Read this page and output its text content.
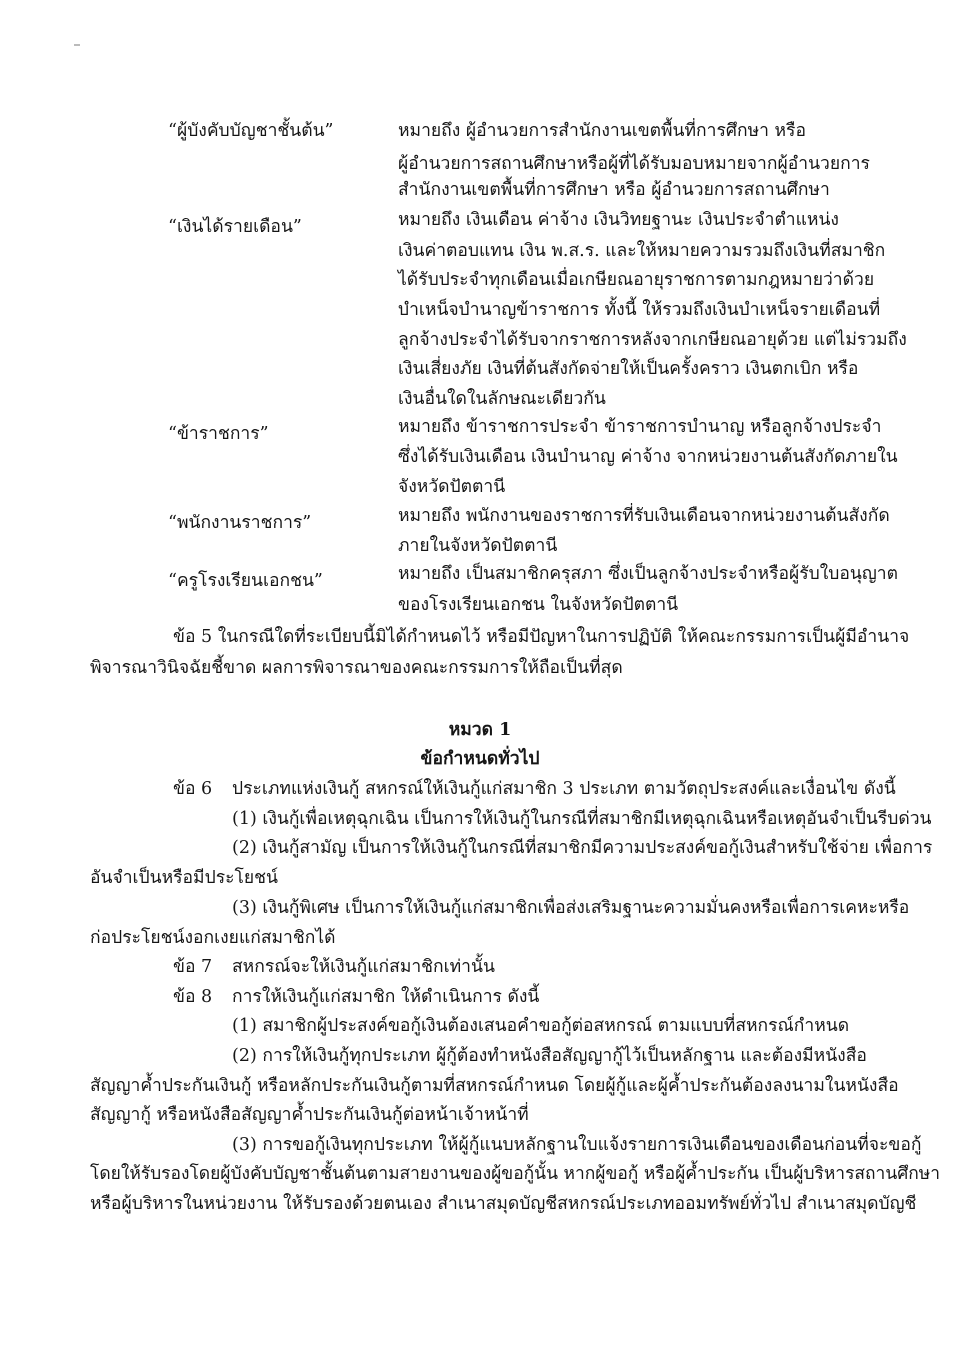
“ผู้บังคับบัญชาชั้นต้น”	หมายถึง ผู้อำนวยการสำนักงานเขตพื้นที่การศึกษา หรือ
ผู้อำนวยการสถานศึกษาหรือผู้ที่ได้รับมอบหมายจากผู้อำนวยการ
สำนักงานเขตพื้นที่การศึกษา หรือ ผู้อำนวยการสถานศึกษา
“เงินได้รายเดือน”	หมายถึง เงินเดือน ค่าจ้าง เงินวิทยฐานะ เงินประจำตำแหน่ง
เงินค่าตอบแทน เงิน พ.ส.ร. และให้หมายความรวมถึงเงินที่สมาชิก
ได้รับประจำทุกเดือนเมื่อเกษียณอายุราชการตามกฎหมายว่าด้วย
บำเหน็จบำนาญข้าราชการ ทั้งนี้ ให้รวมถึงเงินบำเหน็จรายเดือนที่
ลูกจ้างประจำได้รับจากราชการหลังจากเกษียณอายุด้วย แต่ไม่รวมถึง
เงินเสี่ยงภัย เงินที่ต้นสังกัดจ่ายให้เป็นครั้งคราว เงินตกเบิก หรือ
เงินอื่นใดในลักษณะเดียวกัน
“ข้าราชการ”	หมายถึง ข้าราชการประจำ ข้าราชการบำนาญ หรือลูกจ้างประจำ
ซึ่งได้รับเงินเดือน เงินบำนาญ ค่าจ้าง จากหน่วยงานต้นสังกัดภายใน
จังหวัดปัตตานี
“พนักงานราชการ”	หมายถึง พนักงานของราชการที่รับเงินเดือนจากหน่วยงานต้นสังกัด
ภายในจังหวัดปัตตานี
“ครูโรงเรียนเอกชน”	หมายถึง เป็นสมาชิกครุสภา ซึ่งเป็นลูกจ้างประจำหรือผู้รับใบอนุญาต
ของโรงเรียนเอกชน ในจังหวัดปัตตานี
ข้อ 5 ในกรณีใดที่ระเบียบนี้มิได้กำหนดไว้ หรือมีปัญหาในการปฏิบัติ ให้คณะกรรมการเป็นผู้มีอำนาจ
พิจารณาวินิจฉัยชี้ขาด ผลการพิจารณาของคณะกรรมการให้ถือเป็นที่สุด
หมวด 1
ข้อกำหนดทั่วไป
ข้อ 6 ประเภทแห่งเงินกู้ สหกรณ์ให้เงินกู้แก่สมาชิก 3 ประเภท ตามวัตถุประสงค์และเงื่อนไข ดังนี้
(1) เงินกู้เพื่อเหตุฉุกเฉิน เป็นการให้เงินกู้ในกรณีที่สมาชิกมีเหตุฉุกเฉินหรือเหตุอันจำเป็นรีบด่วน
(2) เงินกู้สามัญ เป็นการให้เงินกู้ในกรณีที่สมาชิกมีความประสงค์ขอกู้เงินสำหรับใช้จ่าย เพื่อการ
อันจำเป็นหรือมีประโยชน์
(3) เงินกู้พิเศษ เป็นการให้เงินกู้แก่สมาชิกเพื่อส่งเสริมฐานะความมั่นคงหรือเพื่อการเคหะหรือ
ก่อประโยชน์งอกเงยแก่สมาชิกได้
ข้อ 7 สหกรณ์จะให้เงินกู้แก่สมาชิกเท่านั้น
ข้อ 8 การให้เงินกู้แก่สมาชิก ให้ดำเนินการ ดังนี้
(1) สมาชิกผู้ประสงค์ขอกู้เงินต้องเสนอคำขอกู้ต่อสหกรณ์ ตามแบบที่สหกรณ์กำหนด
(2) การให้เงินกู้ทุกประเภท ผู้กู้ต้องทำหนังสือสัญญากู้ไว้เป็นหลักฐาน และต้องมีหนังสือ
สัญญาค้ำประกันเงินกู้ หรือหลักประกันเงินกู้ตามที่สหกรณ์กำหนด โดยผู้กู้และผู้ค้ำประกันต้องลงนามในหนังสือ
สัญญากู้ หรือหนังสือสัญญาค้ำประกันเงินกู้ต่อหน้าเจ้าหน้าที่
(3) การขอกู้เงินทุกประเภท ให้ผู้กู้แนบหลักฐานใบแจ้งรายการเงินเดือนของเดือนก่อนที่จะขอกู้
โดยให้รับรองโดยผู้บังคับบัญชาชั้นต้นตามสายงานของผู้ขอกู้นั้น หากผู้ขอกู้ หรือผู้ค้ำประกัน เป็นผู้บริหารสถานศึกษา
หรือผู้บริหารในหน่วยงาน ให้รับรองด้วยตนเอง สำเนาสมุดบัญชีสหกรณ์ประเภทออมทรัพย์ทั่วไป สำเนาสมุดบัญชี
